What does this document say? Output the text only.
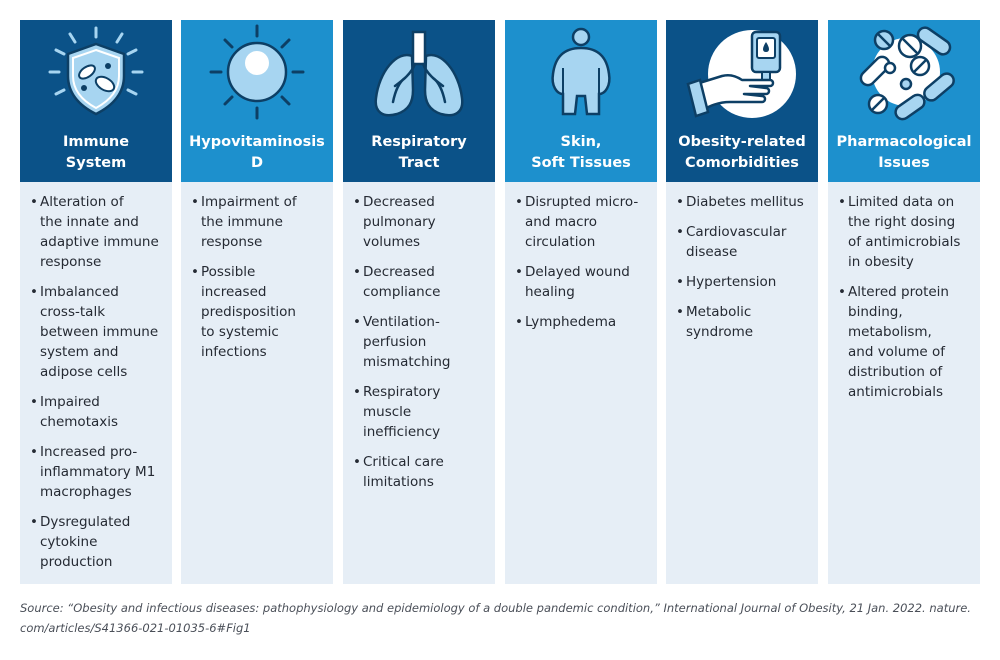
Immune
System
• Alteration of
the innate and
adaptive immune
response
• Imbalanced
cross-talk
between immune
system and
adipose cells
• Impaired
chemotaxis
• Increased pro-
inflammatory M1
macrophages
• Dysregulated
cytokine
production
Hypovitaminosis
D
• Impairment of
the immune
response
• Possible
increased
predisposition
to systemic
infections
Respiratory
Tract
• Decreased
pulmonary
volumes
• Decreased
compliance
• Ventilation-
perfusion
mismatching
• Respiratory
muscle
inefficiency
• Critical care
limitations
Skin,
Soft Tissues
• Disrupted micro-
and macro
circulation
• Delayed wound
healing
• Lymphedema
Obesity-related
Comorbidities
• Diabetes mellitus
• Cardiovascular
disease
• Hypertension
• Metabolic
syndrome
Pharmacological
Issues
• Limited data on
the right dosing
of antimicrobials
in obesity
• Altered protein
binding,
metabolism,
and volume of
distribution of
antimicrobials
Source: “Obesity and infectious diseases: pathophysiology and epidemiology of a double pandemic condition,” International Journal of Obesity, 21 Jan. 2022. nature.
com/articles/S41366-021-01035-6#Fig1
